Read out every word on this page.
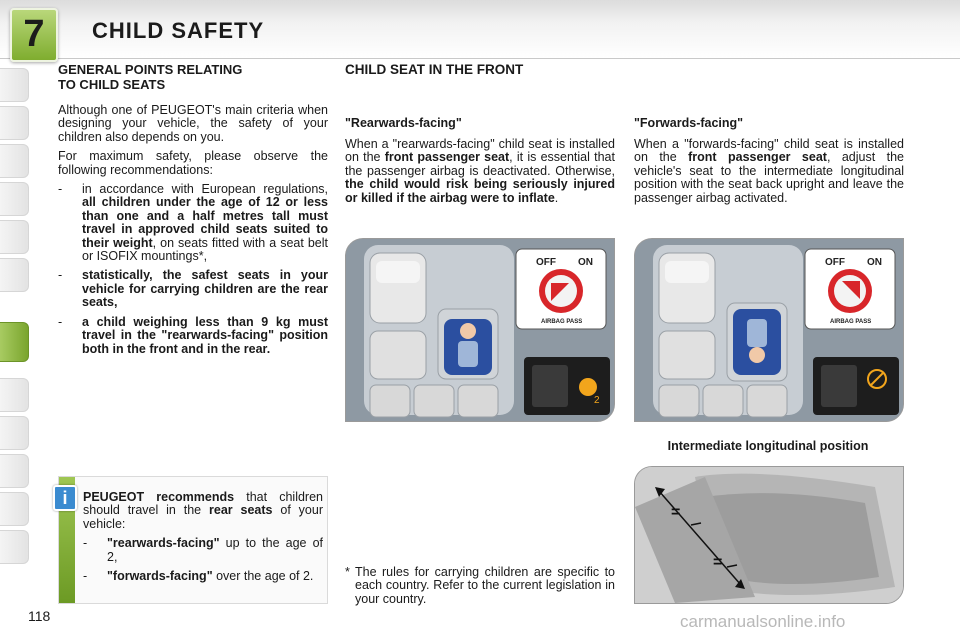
7	CHILD SAFETY
GENERAL POINTS RELATING
TO CHILD SEATS

Although one of PEUGEOT's main criteria when designing your vehicle, the safety of your children also depends on you.

For maximum safety, please observe the following recommendations:

- in accordance with European regulations, all children under the age of 12 or less than one and a half metres tall must travel in approved child seats suited to their weight, on seats fitted with a seat belt or ISOFIX mountings*,
- statistically, the safest seats in your vehicle for carrying children are the rear seats,
- a child weighing less than 9 kg must travel in the "rearwards-facing" position both in the front and in the rear.
i	PEUGEOT recommends that children should travel in the rear seats of your vehicle:

- "rearwards-facing" up to the age of 2,
- "forwards-facing" over the age of 2.
CHILD SEAT IN THE FRONT
"Rearwards-facing"

When a "rearwards-facing" child seat is installed on the front passenger seat, it is essential that the passenger airbag is deactivated. Otherwise, the child would risk being seriously injured or killed if the airbag were to inflate.

"Forwards-facing"

When a "forwards-facing" child seat is installed on the front passenger seat, adjust the vehicle's seat to the intermediate longitudinal position with the seat back upright and leave the passenger airbag activated.

OFF ON
AIRBAG PASS
2
OFF ON
AIRBAG PASS
Intermediate longitudinal position
=
=
* The rules for carrying children are specific to each country. Refer to the current legislation in your country.
118	carmanualsonline.info
